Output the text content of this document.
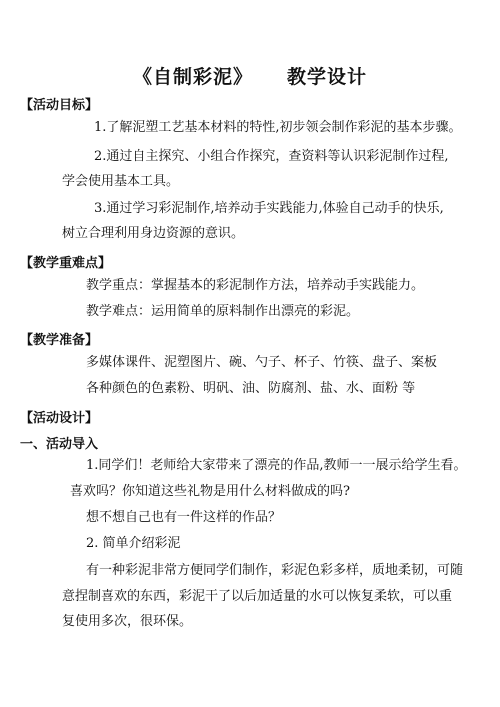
《自制彩泥》 教学设计
【活动目标】
1.了解泥塑工艺基本材料的特性,初步领会制作彩泥的基本步骤。
2.通过自主探究、小组合作探究，查资料等认识彩泥制作过程,
学会使用基本工具。
3.通过学习彩泥制作,培养动手实践能力,体验自己动手的快乐,
树立合理利用身边资源的意识。
【教学重难点】
教学重点：掌握基本的彩泥制作方法，培养动手实践能力。
教学难点：运用简单的原料制作出漂亮的彩泥。
【教学准备】
多媒体课件、泥塑图片、碗、勺子、杯子、竹筷、盘子、案板
各种颜色的色素粉、明矾、油、防腐剂、盐、水、面粉 等
【活动设计】
一、活动导入
1.同学们！老师给大家带来了漂亮的作品,教师一一展示给学生看。
喜欢吗？你知道这些礼物是用什么材料做成的吗?
想不想自己也有一件这样的作品？
2. 简单介绍彩泥
有一种彩泥非常方便同学们制作，彩泥色彩多样，质地柔韧，可随
意捏制喜欢的东西，彩泥干了以后加适量的水可以恢复柔软，可以重
复使用多次，很环保。
